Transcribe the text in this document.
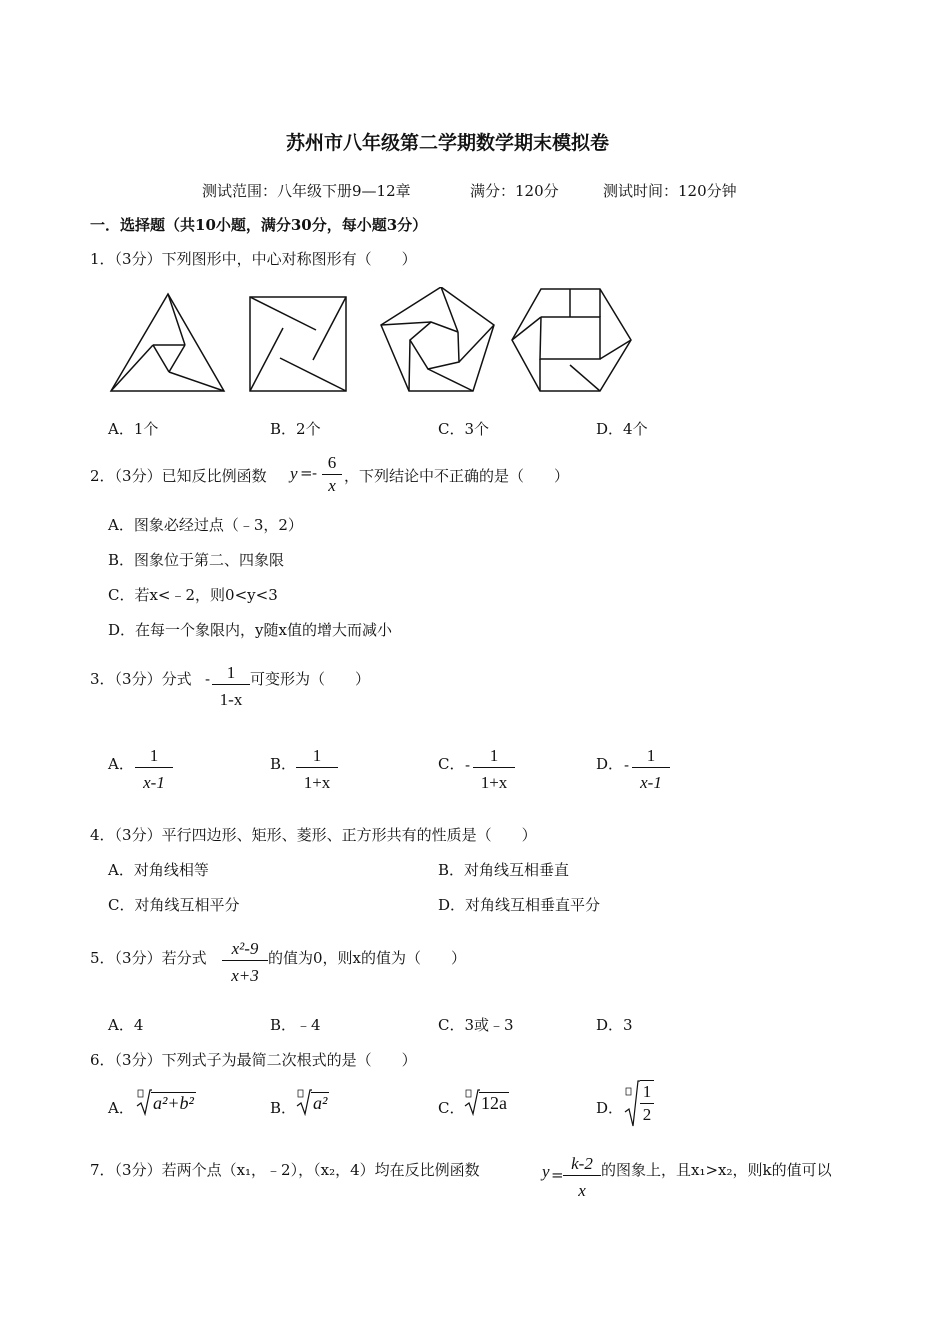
苏州市八年级第二学期数学期末模拟卷
测试范围：八年级下册9—12章	满分：120分	测试时间：120分钟
一．选择题（共10小题，满分30分，每小题3分）
1．（3分）下列图形中，中心对称图形有（　　）
A．1个	B．2个	C．3个	D．4个
2．（3分）已知反比例函数 y = -
6
x ，下列结论中不正确的是（　　）
A．图象必经过点（﹣3，2）
B．图象位于第二、四象限
C．若x<﹣2，则0<y<3
D．在每一个象限内，y随x值的增大而减小
3．（3分）分式 - 1
1-x
可变形为（　　）
A． 1
x-1
B． 1
1+x
C． -	1
1+x
D． -	1
x-1
4．（3分）平行四边形、矩形、菱形、正方形共有的性质是（　　）
A．对角线相等	B．对角线互相垂直
C．对角线互相平分	D．对角线互相垂直平分
5．（3分）若分式	x²-9
x+3
的值为0，则x的值为（　　）
A．4	B．﹣4	C．3或﹣3	D．3
6．（3分）下列式子为最简二次根式的是（　　）
A． a²+b²	B． a²	C． 12a	D．
1
2
7．（3分）若两个点（x₁，﹣2），（x₂，4）均在反比例函数	y =
k-2
x
的图象上，且x₁>x₂，则k的值可以
